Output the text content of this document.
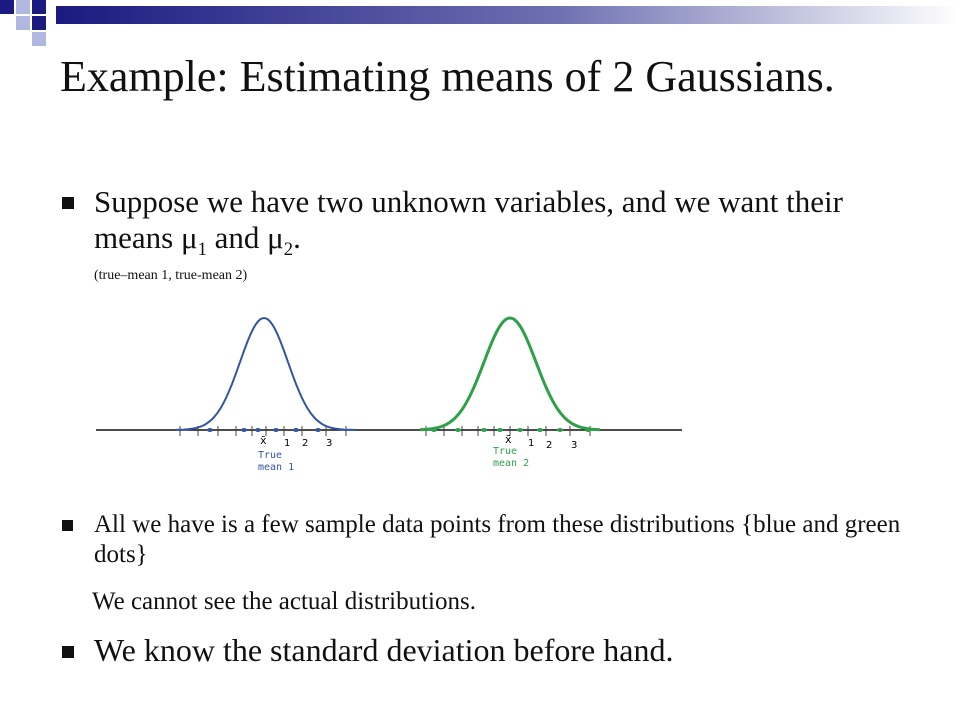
Example: Estimating means of 2 Gaussians.
Suppose we have two unknown variables, and we want their means $\mu_1$ and $\mu_2$.
(true–mean 1, true-mean 2)
x̄ 1 2 3
True
mean 1
x̄ 1 2 3
True
mean 2
All we have is a few sample data points from these distributions {blue and green dots}
We cannot see the actual distributions.
We know the standard deviation before hand.
